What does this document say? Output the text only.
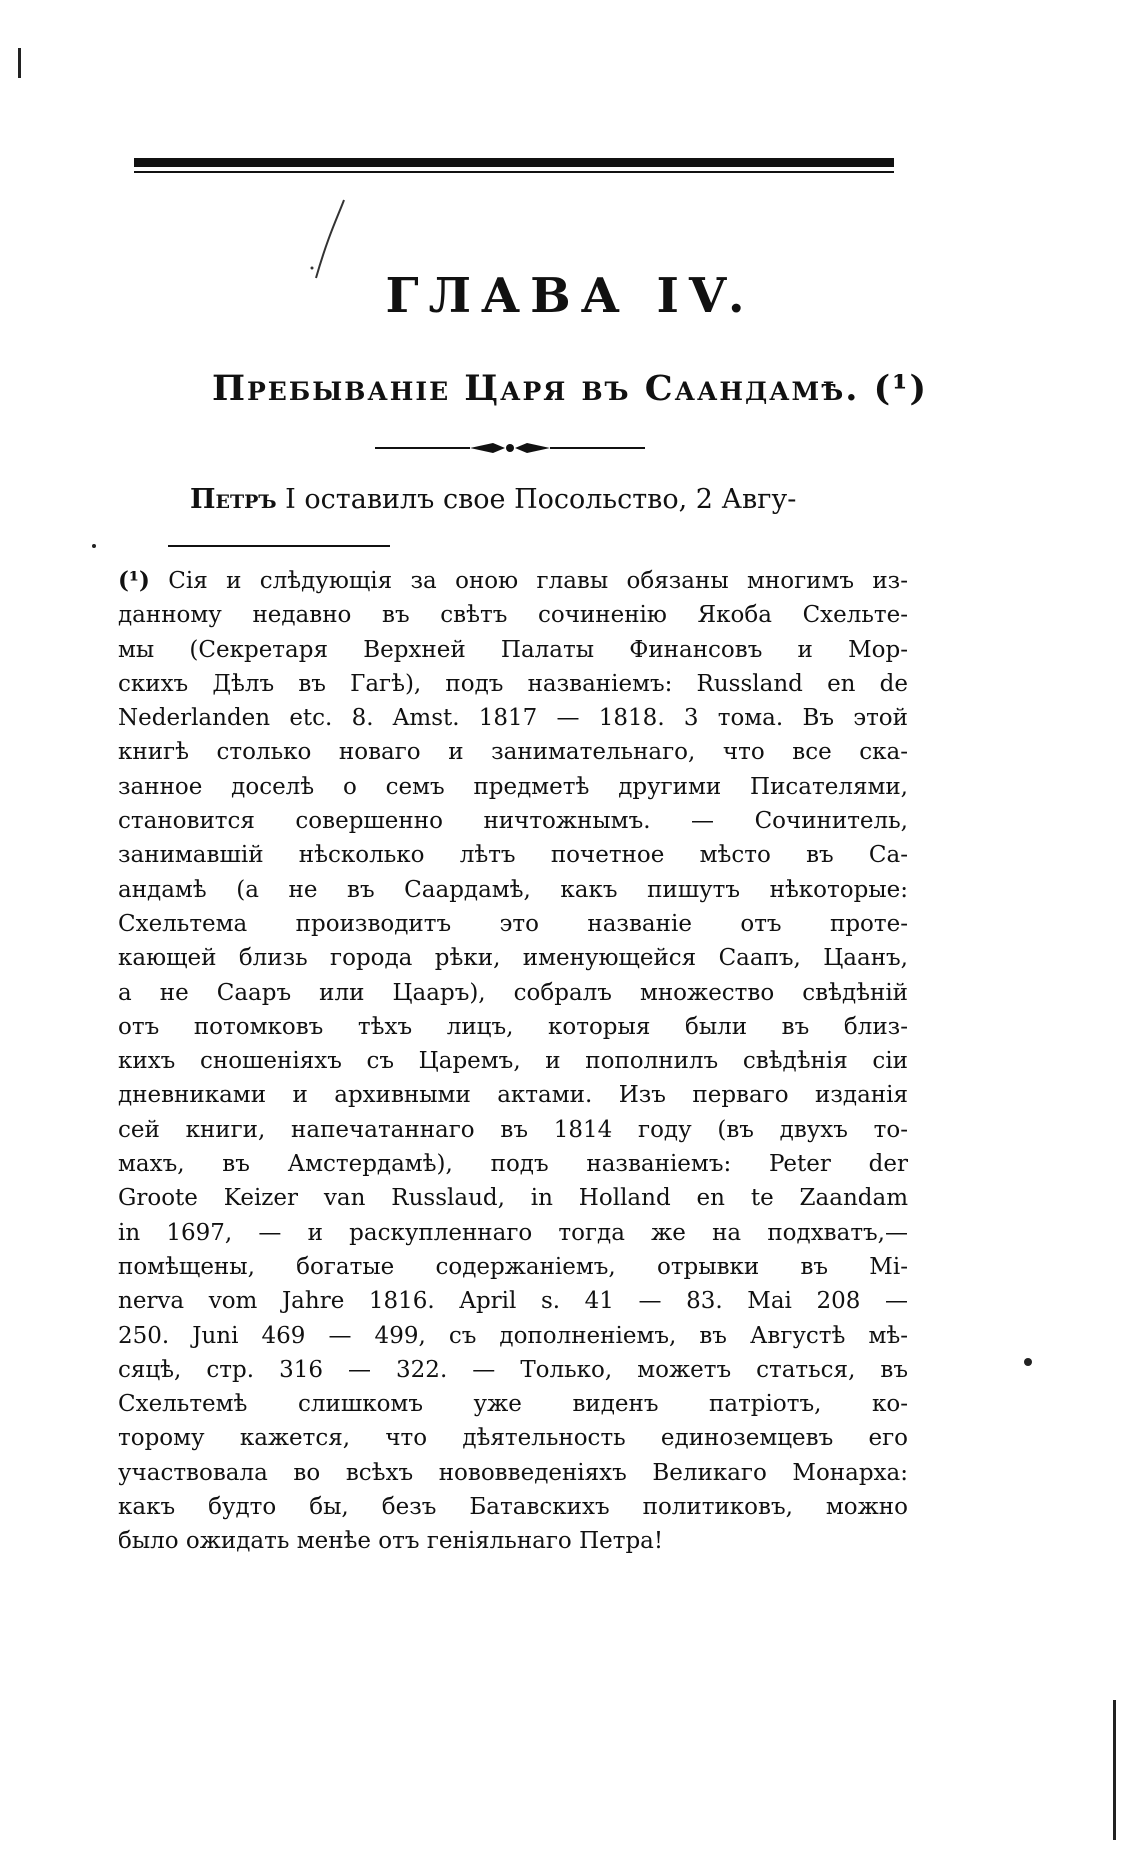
ГЛАВА IV.
Пребываніе Царя въ Саандамѣ. (¹)

Петръ I оставилъ свое Посольство, 2 Авгу-

(¹) Сія и слѣдующія за оною главы обязаны многимъ из-
данному недавно въ свѣтъ сочиненію Якоба Схельте-
мы (Секретаря Верхней Палаты Финансовъ и Мор-
скихъ Дѣлъ въ Гагѣ), подъ названіемъ: Russland en de
Nederlanden etc. 8. Amst. 1817 — 1818. 3 тома. Въ этой
книгѣ столько новаго и занимательнаго, что все ска-
занное доселѣ о семъ предметѣ другими Писателями,
становится совершенно ничтожнымъ. — Сочинитель,
занимавшій нѣсколько лѣтъ почетное мѣсто въ Са-
андамѣ (а не въ Саардамѣ, какъ пишутъ нѣкоторые:
Схельтема производитъ это названіе отъ проте-
кающей близь города рѣки, именующейся Саапъ, Цаанъ,
а не Сааръ или Цааръ), собралъ множество свѣдѣній
отъ потомковъ тѣхъ лицъ, которыя были въ близ-
кихъ сношеніяхъ съ Царемъ, и пополнилъ свѣдѣнія сіи
дневниками и архивными актами. Изъ перваго изданія
сей книги, напечатаннаго въ 1814 году (въ двухъ то-
махъ, въ Амстердамѣ), подъ названіемъ: Peter der
Groote Keizer van Russlaud, in Holland en te Zaandam
in 1697, — и раскупленнаго тогда же на подхватъ,—
помѣщены, богатые содержаніемъ, отрывки въ Mi-
nerva vom Jahre 1816. April s. 41 — 83. Mai 208 —
250. Juni 469 — 499, съ дополненіемъ, въ Августѣ мѣ-
сяцѣ, стр. 316 — 322. — Только, можетъ статься, въ
Схельтемѣ слишкомъ уже виденъ патріотъ, ко-
торому кажется, что дѣятельность единоземцевъ его
участвовала во всѣхъ нововведеніяхъ Великаго Монарха:
какъ будто бы, безъ Батавскихъ политиковъ, можно
было ожидать менѣе отъ геніяльнаго Петра!
